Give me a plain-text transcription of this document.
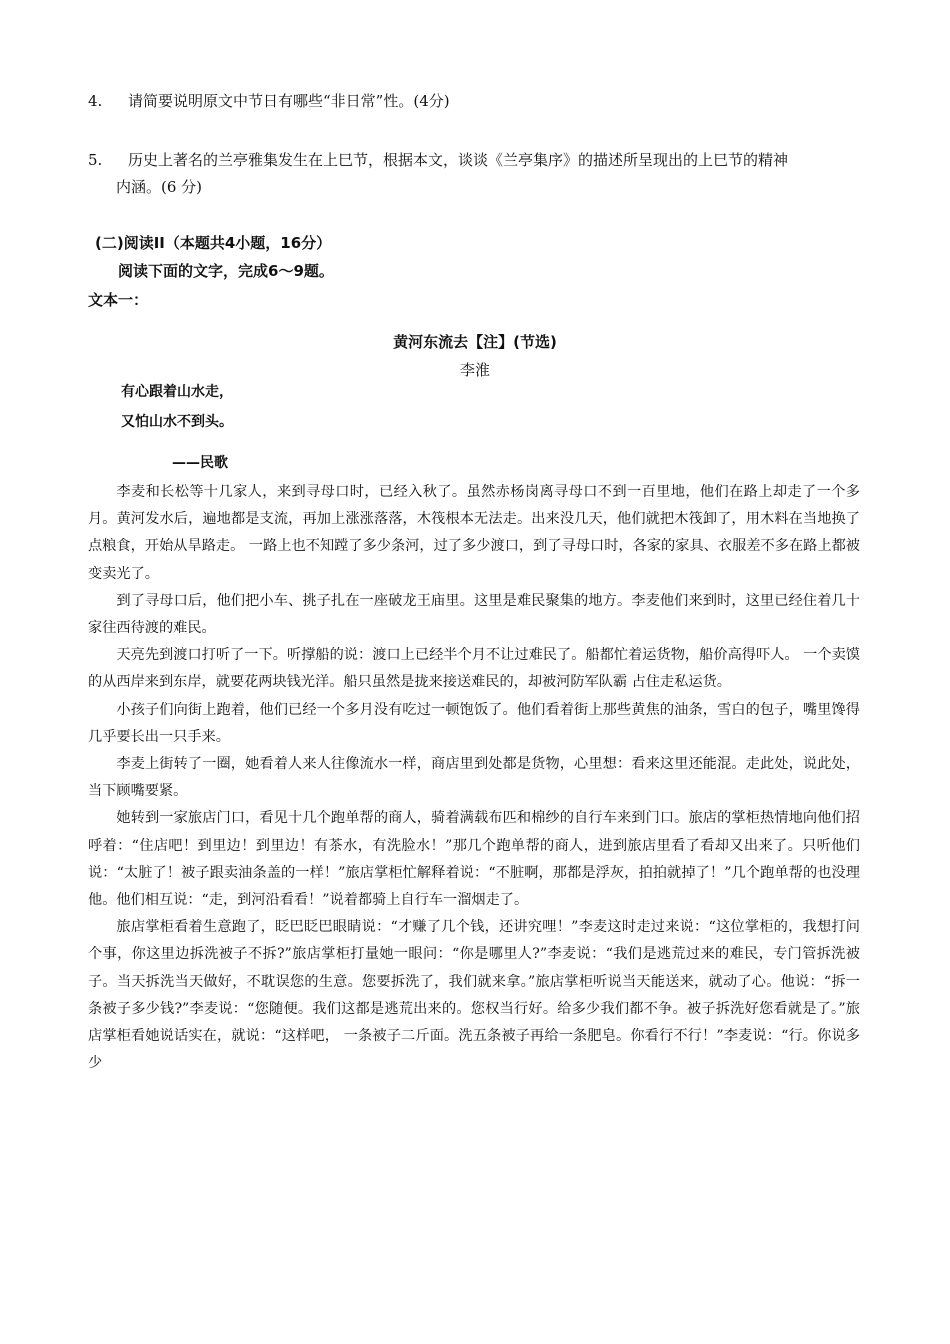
4. 请简要说明原文中节日有哪些“非日常”性。(4分)
5. 历史上著名的兰亭雅集发生在上巳节，根据本文，谈谈《兰亭集序》的描述所呈现出的上巳节的精神
内涵。(6 分)
(二)阅读II（本题共4小题，16分）
阅读下面的文字，完成6～9题。
文本一：
黄河东流去【注】(节选)
李淮
有心跟着山水走，
又怕山水不到头。
——民歌

李麦和长松等十几家人，来到寻母口时，已经入秋了。虽然赤杨岗离寻母口不到一百里地，他们在路上却走了一个多月。黄河发水后，遍地都是支流，再加上涨涨落落，木筏根本无法走。出来没几天，他们就把木筏卸了，用木料在当地换了点粮食，开始从旱路走。 一路上也不知蹚了多少条河，过了多少渡口，到了寻母口时，各家的家具、衣服差不多在路上都被变卖光了。

到了寻母口后，他们把小车、挑子扎在一座破龙王庙里。这里是难民聚集的地方。李麦他们来到时，这里已经住着几十家往西待渡的难民。

天亮先到渡口打听了一下。听撑船的说：渡口上已经半个月不让过难民了。船都忙着运货物，船价高得吓人。 一个卖馍的从西岸来到东岸，就要花两块钱光洋。船只虽然是拢来接送难民的，却被河防军队霸 占住走私运货。

小孩子们向街上跑着，他们已经一个多月没有吃过一顿饱饭了。他们看着街上那些黄焦的油条，雪白的包子，嘴里馋得几乎要长出一只手来。

李麦上街转了一圈，她看着人来人往像流水一样，商店里到处都是货物，心里想：看来这里还能混。走此处，说此处，当下顾嘴要紧。

她转到一家旅店门口，看见十几个跑单帮的商人，骑着满载布匹和棉纱的自行车来到门口。旅店的掌柜热情地向他们招呼着：“住店吧！到里边！到里边！有茶水，有洗脸水！”那几个跑单帮的商人，进到旅店里看了看却又出来了。只听他们说：“太脏了！被子跟卖油条盖的一样！”旅店掌柜忙解释着说：“不脏啊，那都是浮灰，拍拍就掉了！”几个跑单帮的也没理他。他们相互说：“走，到河沿看看！”说着都骑上自行车一溜烟走了。

旅店掌柜看着生意跑了，眨巴眨巴眼睛说：“才赚了几个钱，还讲究哩！”李麦这时走过来说：“这位掌柜的，我想打问个事，你这里边拆洗被子不拆?”旅店掌柜打量她一眼问：“你是哪里人?”李麦说：“我们是逃荒过来的难民，专门管拆洗被子。当天拆洗当天做好，不耽误您的生意。您要拆洗了，我们就来拿。”旅店掌柜听说当天能送来，就动了心。他说：“拆一条被子多少钱?”李麦说：“您随便。我们这都是逃荒出来的。您权当行好。给多少我们都不争。被子拆洗好您看就是了。”旅店掌柜看她说话实在，就说：“这样吧， 一条被子二斤面。洗五条被子再给一条肥皂。你看行不行！”李麦说：“行。你说多少
